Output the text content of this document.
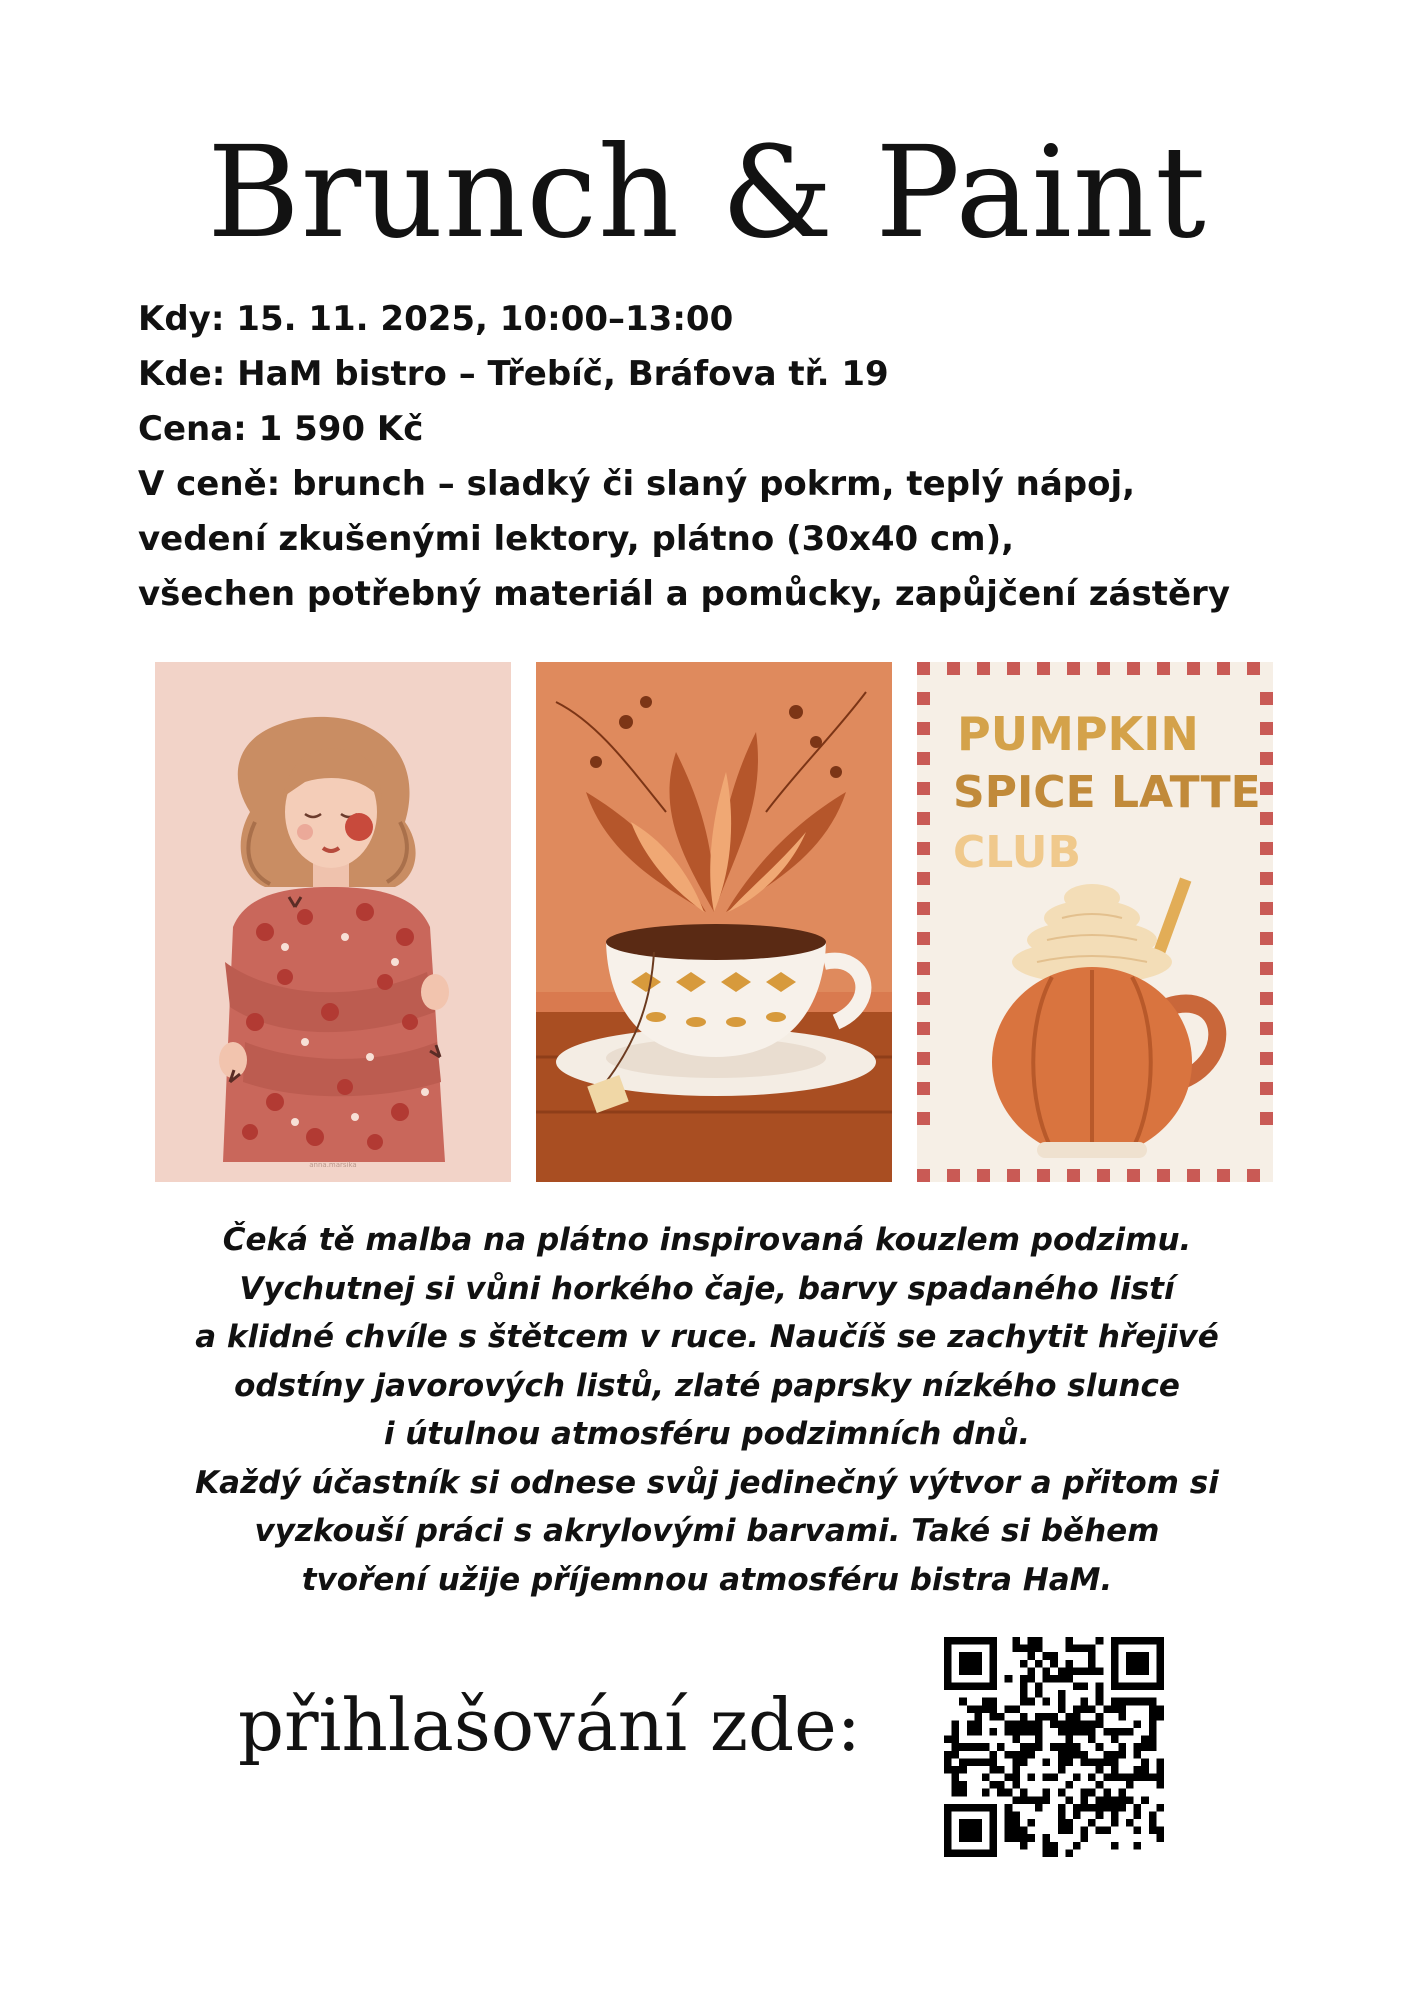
Brunch & Paint
Kdy: 15. 11. 2025, 10:00–13:00
Kde: HaM bistro – Třebíč, Bráfova tř. 19
Cena: 1 590 Kč
V ceně: brunch – sladký či slaný pokrm, teplý nápoj,
vedení zkušenými lektory, plátno (30x40 cm),
všechen potřebný materiál a pomůcky, zapůjčení zástěry
anna.marsika
PUMPKIN
SPICE LATTE
CLUB
Čeká tě malba na plátno inspirovaná kouzlem podzimu.
Vychutnej si vůni horkého čaje, barvy spadaného listí
a klidné chvíle s štětcem v ruce. Naučíš se zachytit hřejivé
odstíny javorových listů, zlaté paprsky nízkého slunce
i útulnou atmosféru podzimních dnů.
Každý účastník si odnese svůj jedinečný výtvor a přitom si
vyzkouší práci s akrylovými barvami. Také si během
tvoření užije příjemnou atmosféru bistra HaM.
přihlašování zde:
